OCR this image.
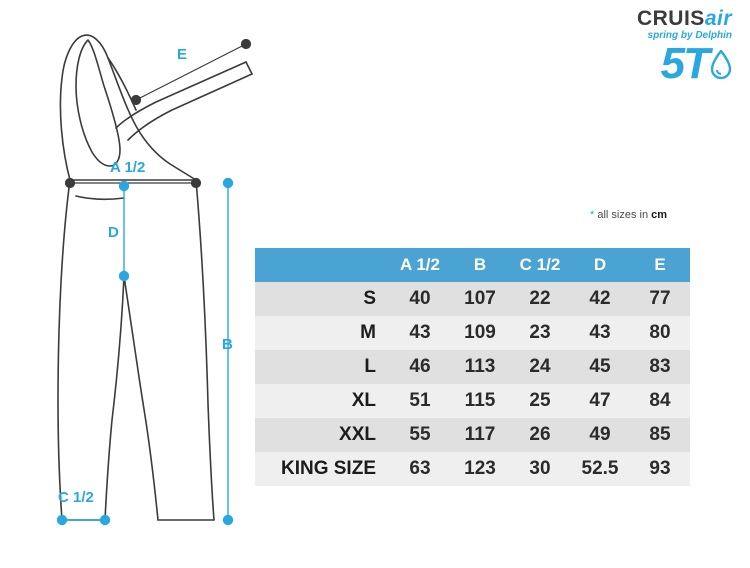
CRUISair
spring by Delphin
5T
* all sizes in cm
E
A 1/2
D
B
C 1/2
	A 1/2	B	C 1/2	D	E
S	40	107	22	42	77
M	43	109	23	43	80
L	46	113	24	45	83
XL	51	115	25	47	84
XXL	55	117	26	49	85
KING SIZE	63	123	30	52.5	93
